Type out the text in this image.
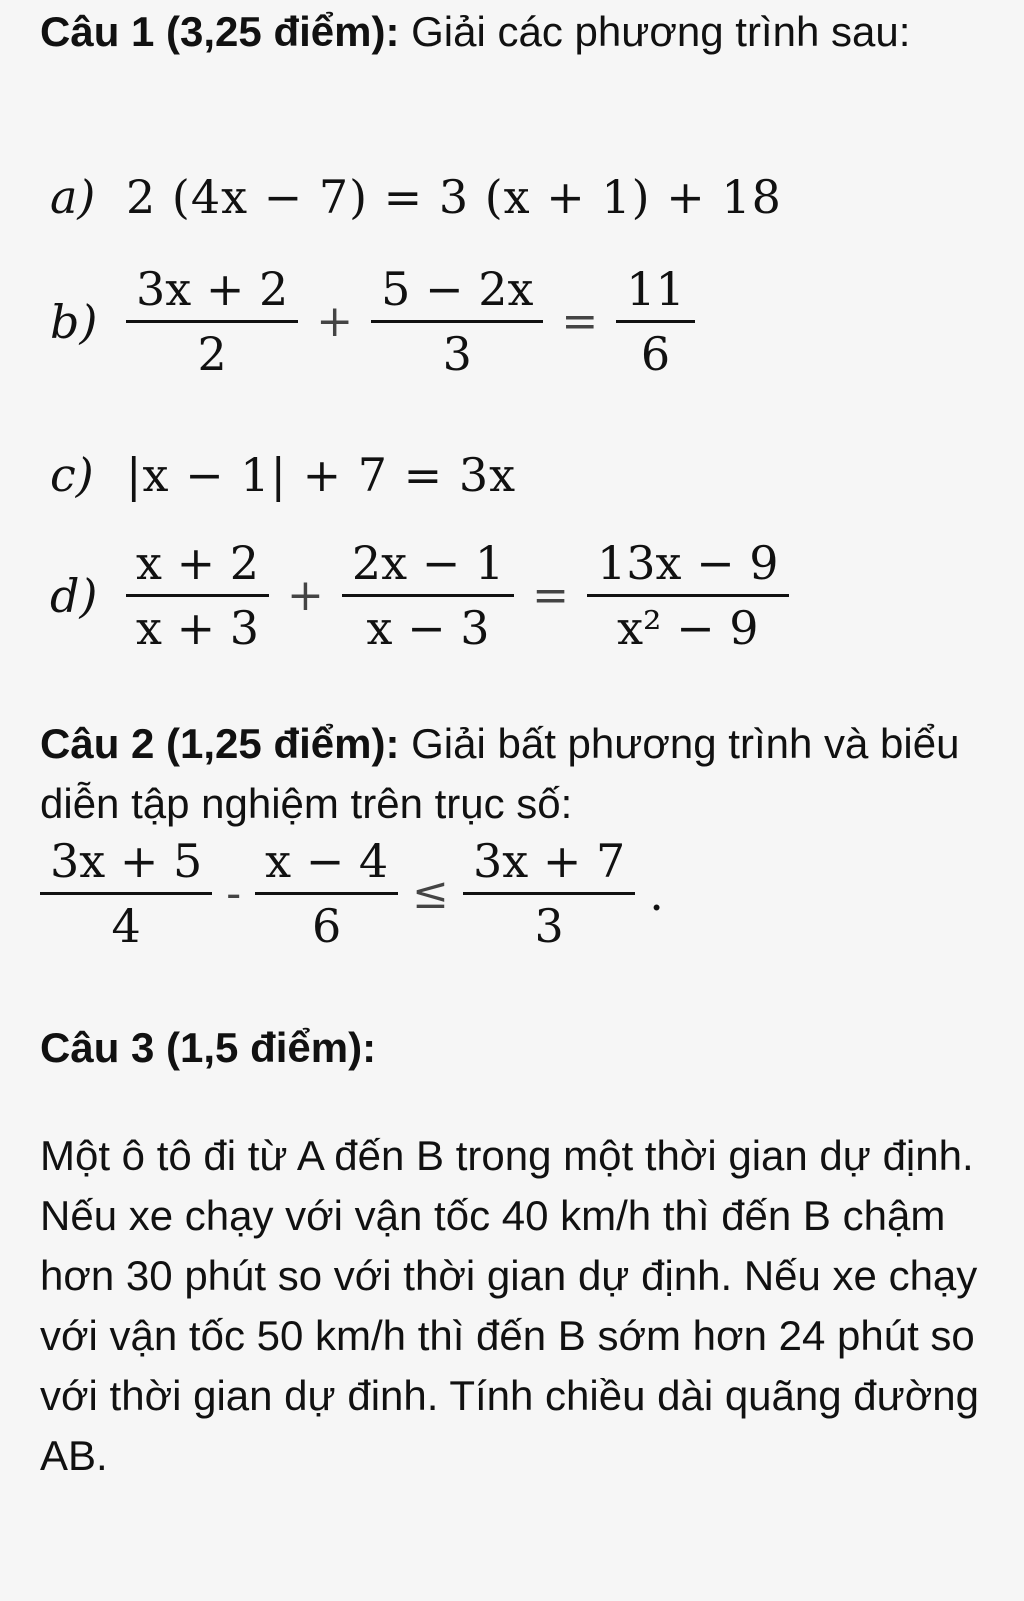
Câu 1 (3,25 điểm): Giải các phương trình sau:

a) 2 (4x − 7) = 3 (x + 1) + 18
$b) \frac{3x + 2}{2} + \frac{5 - 2x}{3} = \frac{11}{6}$
c) |x − 1| + 7 = 3x
$d) \frac{x + 2}{x + 3} + \frac{2x - 1}{x - 3} = \frac{13x - 9}{\text{x² − 9}}$

Câu 2 (1,25 điểm): Giải bất phương trình và biểu diễn tập nghiệm trên trục số:

$\frac{3x + 5}{4} - \frac{x - 4}{6} \le \frac{3x + 7}{3}$ .

Câu 3 (1,5 điểm):

Một ô tô đi từ A đến B trong một thời gian dự định. Nếu xe chạy với vận tốc 40 km/h thì đến B chậm hơn 30 phút so với thời gian dự định. Nếu xe chạy với vận tốc 50 km/h thì đến B sớm hơn 24 phút so với thời gian dự đinh. Tính chiều dài quãng đường AB.
